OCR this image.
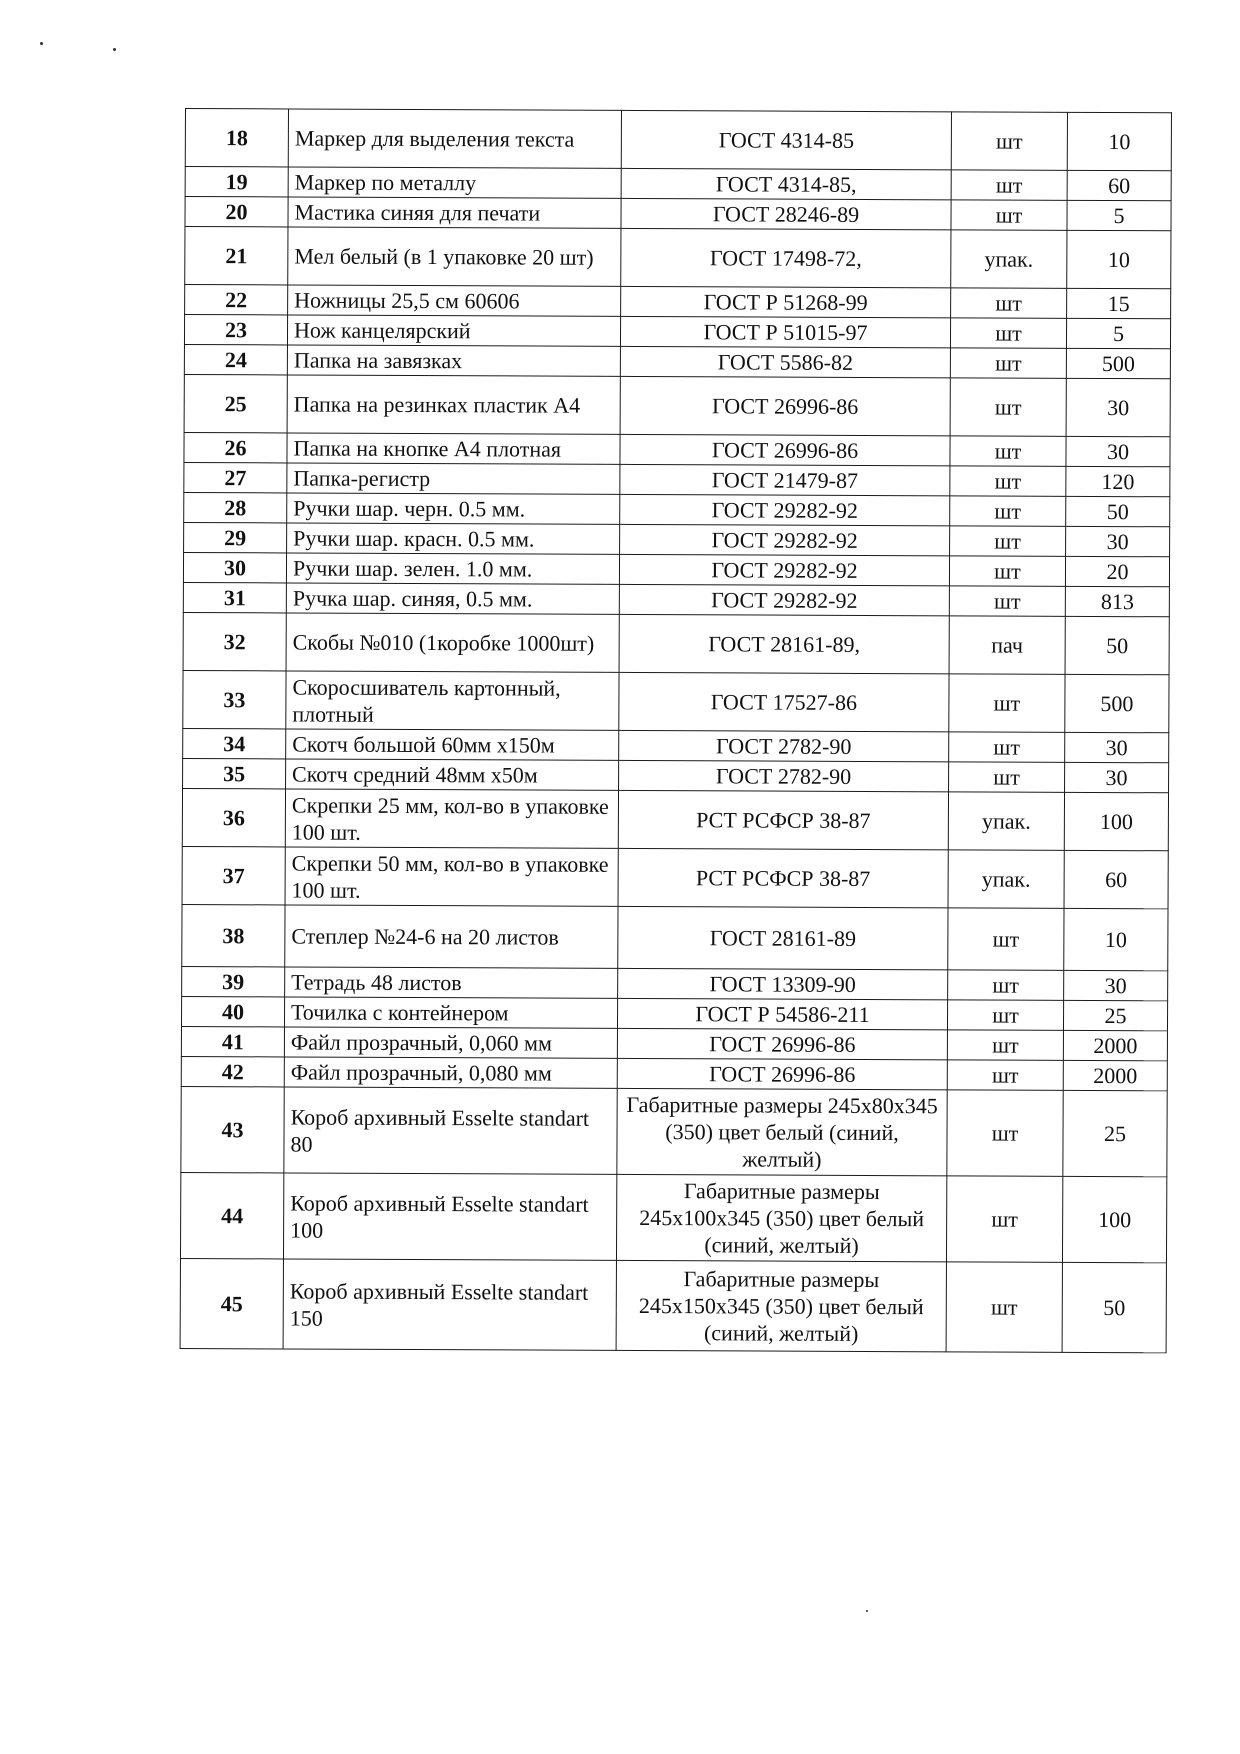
18	Маркер для выделения текста	ГОСТ 4314-85	шт	10
19	Маркер по металлу	ГОСТ 4314-85,	шт	60
20	Мастика синяя для печати	ГОСТ 28246-89	шт	5
21	Мел белый (в 1 упаковке 20 шт)	ГОСТ 17498-72,	упак.	10
22	Ножницы 25,5 см 60606	ГОСТ Р 51268-99	шт	15
23	Нож канцелярский	ГОСТ Р 51015-97	шт	5
24	Папка на завязках	ГОСТ 5586-82	шт	500
25	Папка на резинках пластик А4	ГОСТ 26996-86	шт	30
26	Папка на кнопке А4 плотная	ГОСТ 26996-86	шт	30
27	Папка-регистр	ГОСТ 21479-87	шт	120
28	Ручки шар. черн. 0.5 мм.	ГОСТ 29282-92	шт	50
29	Ручки шар. красн. 0.5 мм.	ГОСТ 29282-92	шт	30
30	Ручки шар. зелен. 1.0 мм.	ГОСТ 29282-92	шт	20
31	Ручка шар. синяя, 0.5 мм.	ГОСТ 29282-92	шт	813
32	Скобы №010 (1коробке 1000шт)	ГОСТ 28161-89,	пач	50
33	Скоросшиватель картонный, плотный	ГОСТ 17527-86	шт	500
34	Скотч большой 60мм х150м	ГОСТ 2782-90	шт	30
35	Скотч средний 48мм х50м	ГОСТ 2782-90	шт	30
36	Скрепки 25 мм, кол-во в упаковке 100 шт.	РСТ РСФСР 38-87	упак.	100
37	Скрепки 50 мм, кол-во в упаковке 100 шт.	РСТ РСФСР 38-87	упак.	60
38	Степлер №24-6 на 20 листов	ГОСТ 28161-89	шт	10
39	Тетрадь 48 листов	ГОСТ 13309-90	шт	30
40	Точилка с контейнером	ГОСТ Р 54586-211	шт	25
41	Файл прозрачный, 0,060 мм	ГОСТ 26996-86	шт	2000
42	Файл прозрачный, 0,080 мм	ГОСТ 26996-86	шт	2000
43	Короб архивный Esselte standart 80	Габаритные размеры 245х80х345 (350) цвет белый (синий, желтый)	шт	25
44	Короб архивный Esselte standart 100	Габаритные размеры 245х100х345 (350) цвет белый (синий, желтый)	шт	100
45	Короб архивный Esselte standart 150	Габаритные размеры 245х150х345 (350) цвет белый (синий, желтый)	шт	50
